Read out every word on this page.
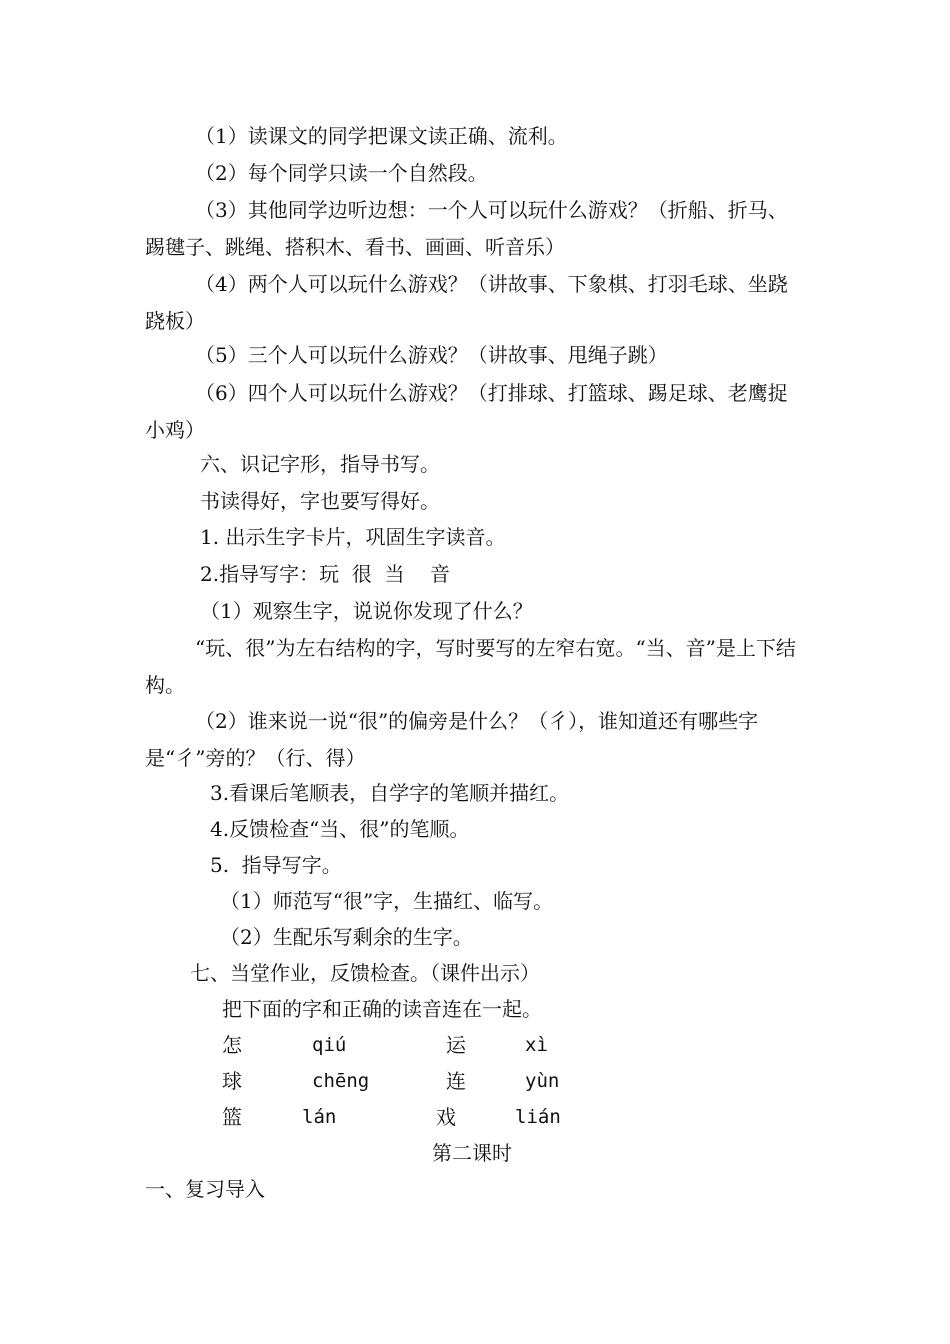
（1）读课文的同学把课文读正确、流利。
（2）每个同学只读一个自然段。
（3）其他同学边听边想：一个人可以玩什么游戏？（折船、折马、踢毽子、跳绳、搭积木、看书、画画、听音乐）
（4）两个人可以玩什么游戏？（讲故事、下象棋、打羽毛球、坐跷跷板）
（5）三个人可以玩什么游戏？（讲故事、甩绳子跳）
（6）四个人可以玩什么游戏？（打排球、打篮球、踢足球、老鹰捉小鸡）
六、识记字形，指导书写。
书读得好，字也要写得好。
1. 出示生字卡片，巩固生字读音。
2.指导写字：玩  很  当    音
（1）观察生字，说说你发现了什么？
“玩、很”为左右结构的字，写时要写的左窄右宽。“当、音”是上下结构。
（2）谁来说一说“很”的偏旁是什么？（彳），谁知道还有哪些字是“彳”旁的？（行、得）
3.看课后笔顺表，自学字的笔顺并描红。
4.反馈检查“当、很”的笔顺。
5.  指导写字。
（1）师范写“很”字，生描红、临写。
（2）生配乐写剩余的生字。
七、当堂作业，反馈检查。（课件出示）
把下面的字和正确的读音连在一起。
怎	qiú	运	xì
球	chēng	连	yùn
篮	lán	戏	lián
第二课时
一、复习导入
